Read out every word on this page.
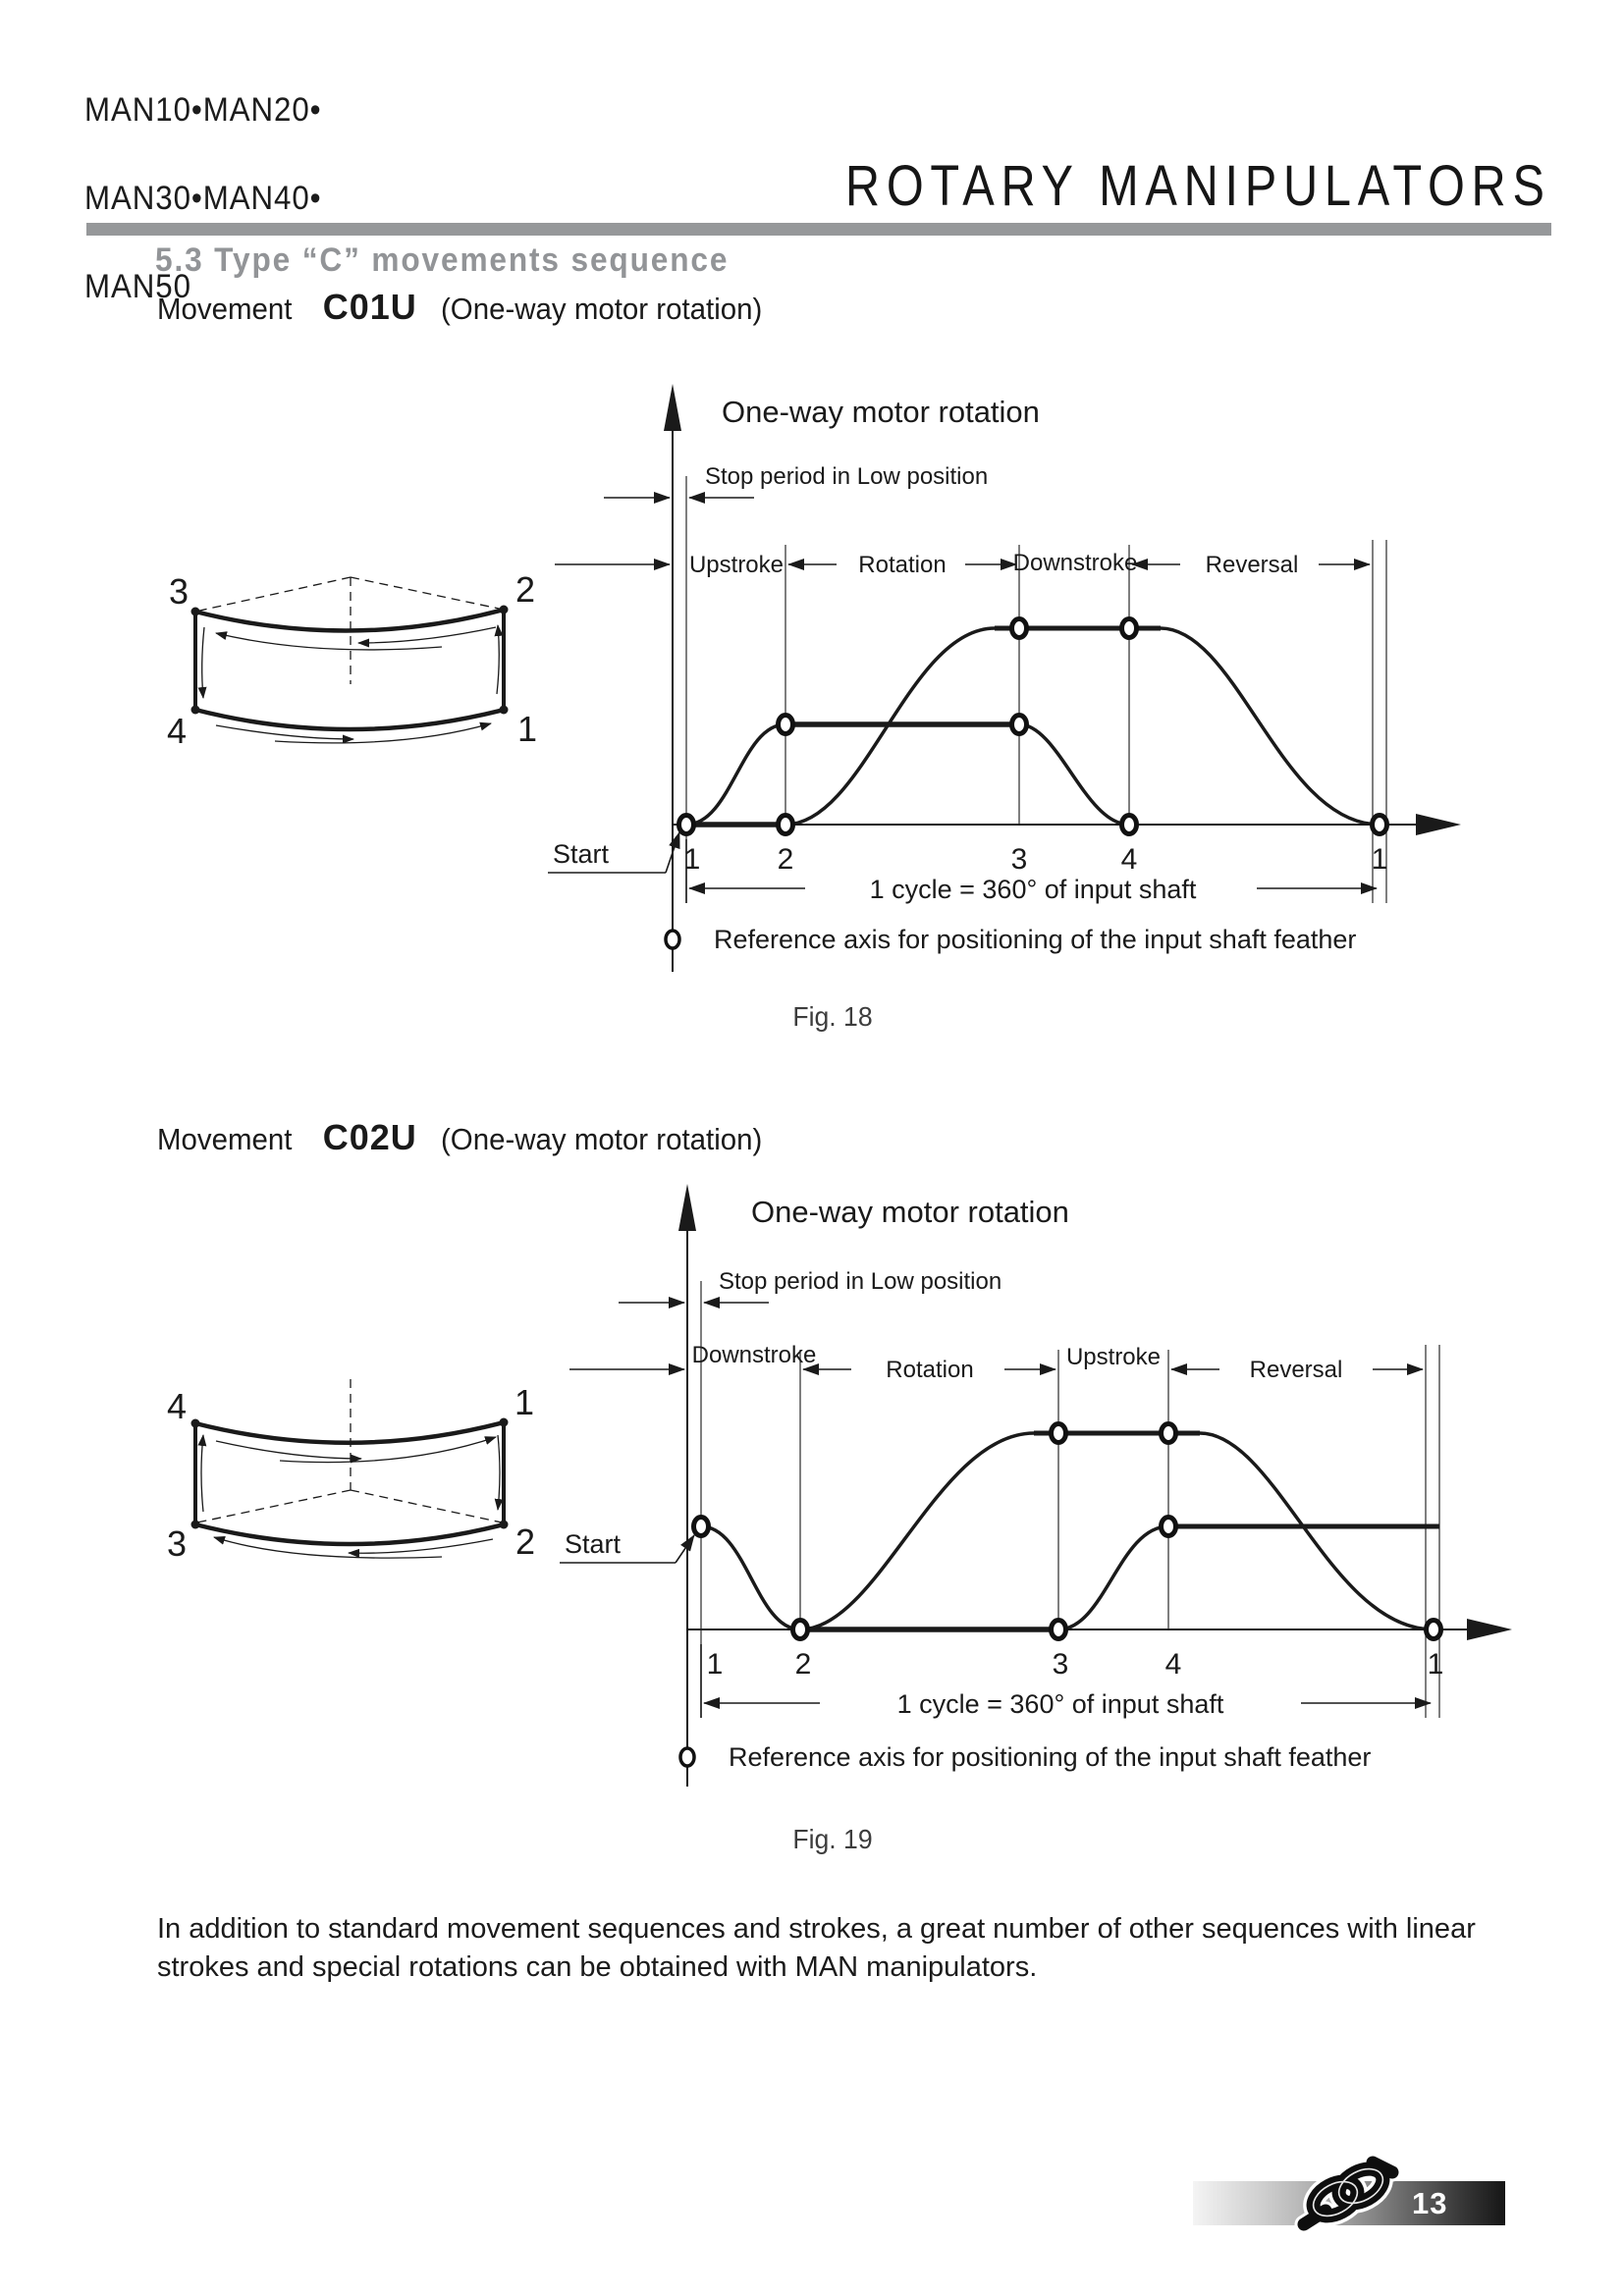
MAN10•MAN20•

MAN30•MAN40•

MAN50
ROTARY MANIPULATORS
5.3 Type “C” movements sequence
Movement C01U (One-way motor rotation)
3	2
4	1
One-way motor rotation
Stop period in Low position
Upstroke	Rotation	Downstroke	Reversal
Start	1	2	3	4	1
1 cycle = 360° of input shaft
Reference axis for positioning of the input shaft feather
Fig. 18
Movement C02U (One-way motor rotation)
4	1
3	2
One-way motor rotation
Stop period in Low position
Downstroke
Rotation	Upstroke	Reversal
Start
1 2	3	4	1
1 cycle = 360° of input shaft
Reference axis for positioning of the input shaft feather
Fig. 19
In addition to standard movement sequences and strokes, a great number of other sequences with linear strokes and special rotations can be obtained with MAN manipulators.
13
